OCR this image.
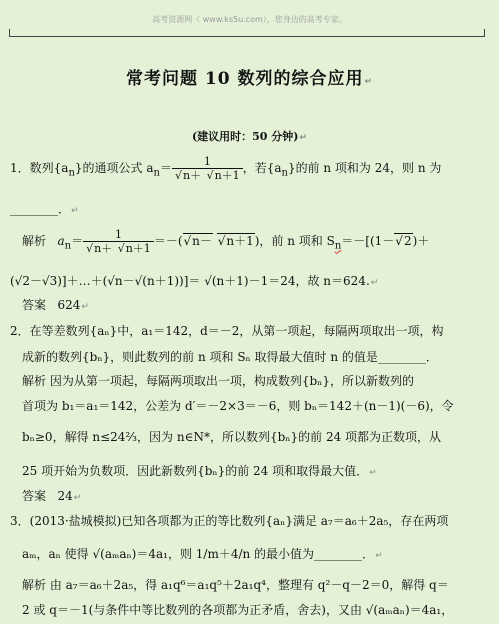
高考资源网（ www.ks5u.com），您身边的高考专家。
常考问题 10 数列的综合应用↵
(建议用时：50 分钟)↵
1．数列$\{a_n\}$的通项公式 $a_n= 1$
√ n＋ √ n＋1 ，若$\{a_n\}$的前 n 项和为 24，则 n 为
________．↵
解析 $a_n= 1$
√ n＋ √ n＋1 ＝－(√ n－ √ n＋1)，前 n 项和 $S_n=-[(1-√$ 2)＋
(√2－√3)]＋…＋(√n－√(n＋1))]＝ √(n＋1)－1＝24，故 n＝624.↵
答案 624↵
2．在等差数列{aₙ}中，a₁＝142，d＝－2，从第一项起，每隔两项取出一项，构
成新的数列{bₙ}，则此数列的前 n 项和 Sₙ 取得最大值时 n 的值是________．
解析 因为从第一项起，每隔两项取出一项，构成数列{bₙ}，所以新数列的
首项为 b₁＝a₁＝142，公差为 d′＝－2×3＝－6，则 bₙ＝142＋(n－1)(－6)，令
bₙ≥0，解得 n≤24⅔，因为 n∈N*，所以数列{bₙ}的前 24 项都为正数项，从
25 项开始为负数项．因此新数列{bₙ}的前 24 项和取得最大值．↵
答案 24↵
3．(2013·盐城模拟)已知各项都为正的等比数列{aₙ}满足 a₇＝a₆＋2a₅，存在两项
aₘ，aₙ 使得 √(aₘaₙ)＝4a₁，则 1/m＋4/n 的最小值为________．↵
解析 由 a₇＝a₆＋2a₅，得 a₁q⁶＝a₁q⁵＋2a₁q⁴，整理有 q²－q－2＝0，解得 q＝
2 或 q＝－1(与条件中等比数列的各项都为正矛盾，舍去)，又由 √(aₘaₙ)＝4a₁，
